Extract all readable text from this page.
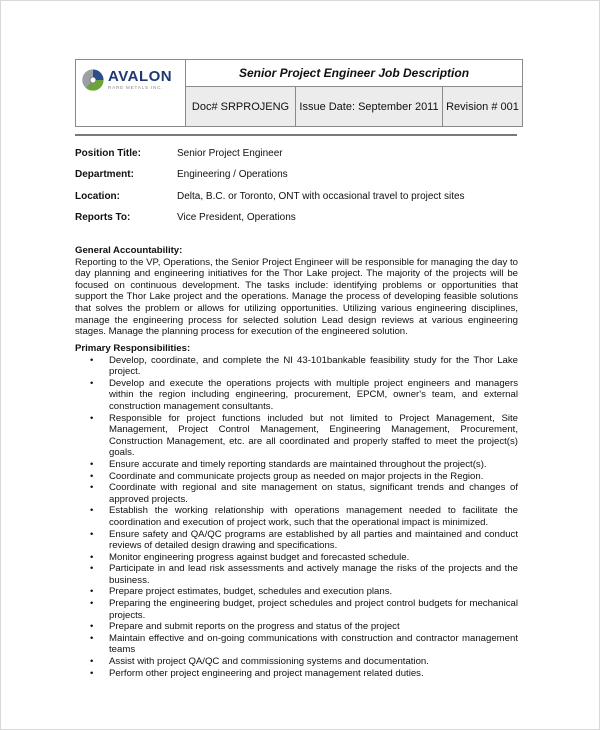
AVALON
RARE METALS INC.
Senior Project Engineer Job Description
Doc# SRPROJENG Issue Date: September 2011 Revision # 001
Position Title:	Senior Project Engineer
Department:	Engineering / Operations
Location:	Delta, B.C. or Toronto, ONT with occasional travel to project sites
Reports To:	Vice President, Operations
General Accountability:

Reporting to the VP, Operations, the Senior Project Engineer will be responsible for managing the day to day planning and engineering initiatives for the Thor Lake project. The majority of the projects will be focused on continuous development. The tasks include: identifying problems or opportunities that support the Thor Lake project and the operations. Manage the process of developing feasible solutions that solves the problem or allows for utilizing opportunities. Utilizing various engineering disciplines, manage the engineering process for selected solution Lead design reviews at various engineering stages. Manage the planning process for execution of the engineered solution.

Primary Responsibilities:
• Develop, coordinate, and complete the NI 43-101bankable feasibility study for the Thor Lake project.
• Develop and execute the operations projects with multiple project engineers and managers within the region including engineering, procurement, EPCM, owner's team, and external construction management consultants.
• Responsible for project functions included but not limited to Project Management, Site Management, Project Control Management, Engineering Management, Procurement, Construction Management, etc. are all coordinated and properly staffed to meet the project(s) goals.
• Ensure accurate and timely reporting standards are maintained throughout the project(s).
• Coordinate and communicate projects group as needed on major projects in the Region.
• Coordinate with regional and site management on status, significant trends and changes of approved projects.
• Establish the working relationship with operations management needed to facilitate the coordination and execution of project work, such that the operational impact is minimized.
• Ensure safety and QA/QC programs are established by all parties and maintained and conduct reviews of detailed design drawing and specifications.
• Monitor engineering progress against budget and forecasted schedule.
• Participate in and lead risk assessments and actively manage the risks of the projects and the business.
• Prepare project estimates, budget, schedules and execution plans.
• Preparing the engineering budget, project schedules and project control budgets for mechanical projects.
• Prepare and submit reports on the progress and status of the project
• Maintain effective and on-going communications with construction and contractor management teams
• Assist with project QA/QC and commissioning systems and documentation.
• Perform other project engineering and project management related duties.
